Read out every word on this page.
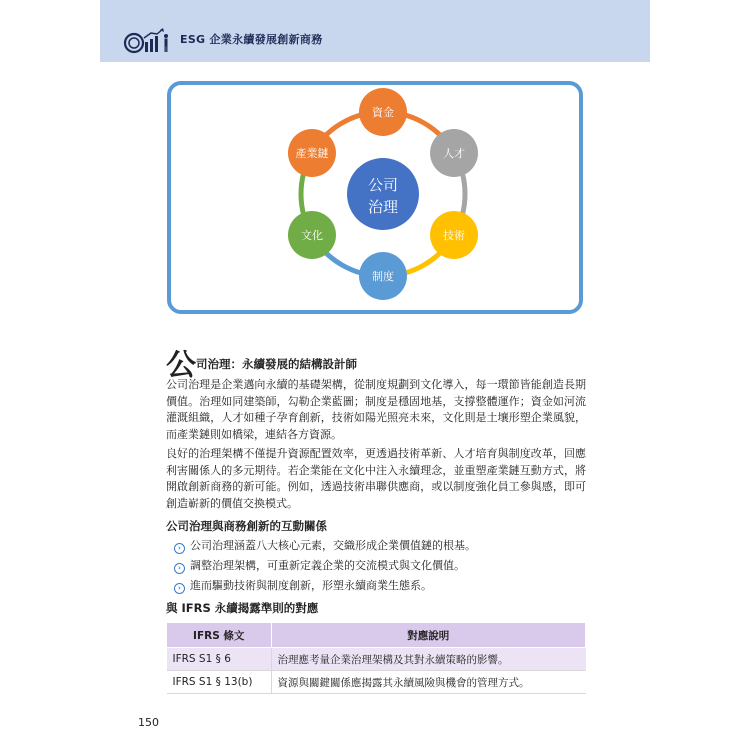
ESG 企業永續發展創新商務
公司
治理
資金
人才
技術
制度
文化
產業鏈
公 司治理：永續發展的結構設計師

公司治理是企業邁向永續的基礎架構，從制度規劃到文化導入，每一環節皆能創造長期價值。治理如同建築師，勾勒企業藍圖；制度是穩固地基，支撐整體運作；資金如河流灌溉組織，人才如種子孕育創新，技術如陽光照亮未來，文化則是土壤形塑企業風貌，而產業鏈則如橋梁，連結各方資源。

良好的治理架構不僅提升資源配置效率，更透過技術革新、人才培育與制度改革，回應利害關係人的多元期待。若企業能在文化中注入永續理念，並重塑產業鏈互動方式，將開啟創新商務的新可能。例如，透過技術串聯供應商，或以制度強化員工參與感，即可創造嶄新的價值交換模式。

公司治理與商務創新的互動關係
› 公司治理涵蓋八大核心元素，交織形成企業價值鏈的根基。
› 調整治理架構，可重新定義企業的交流模式與文化價值。
› 進而驅動技術與制度創新，形塑永續商業生態系。
與 IFRS 永續揭露準則的對應
IFRS 條文	對應說明
IFRS S1 § 6	治理應考量企業治理架構及其對永續策略的影響。
IFRS S1 § 13(b)	資源與關鍵關係應揭露其永續風險與機會的管理方式。
150
